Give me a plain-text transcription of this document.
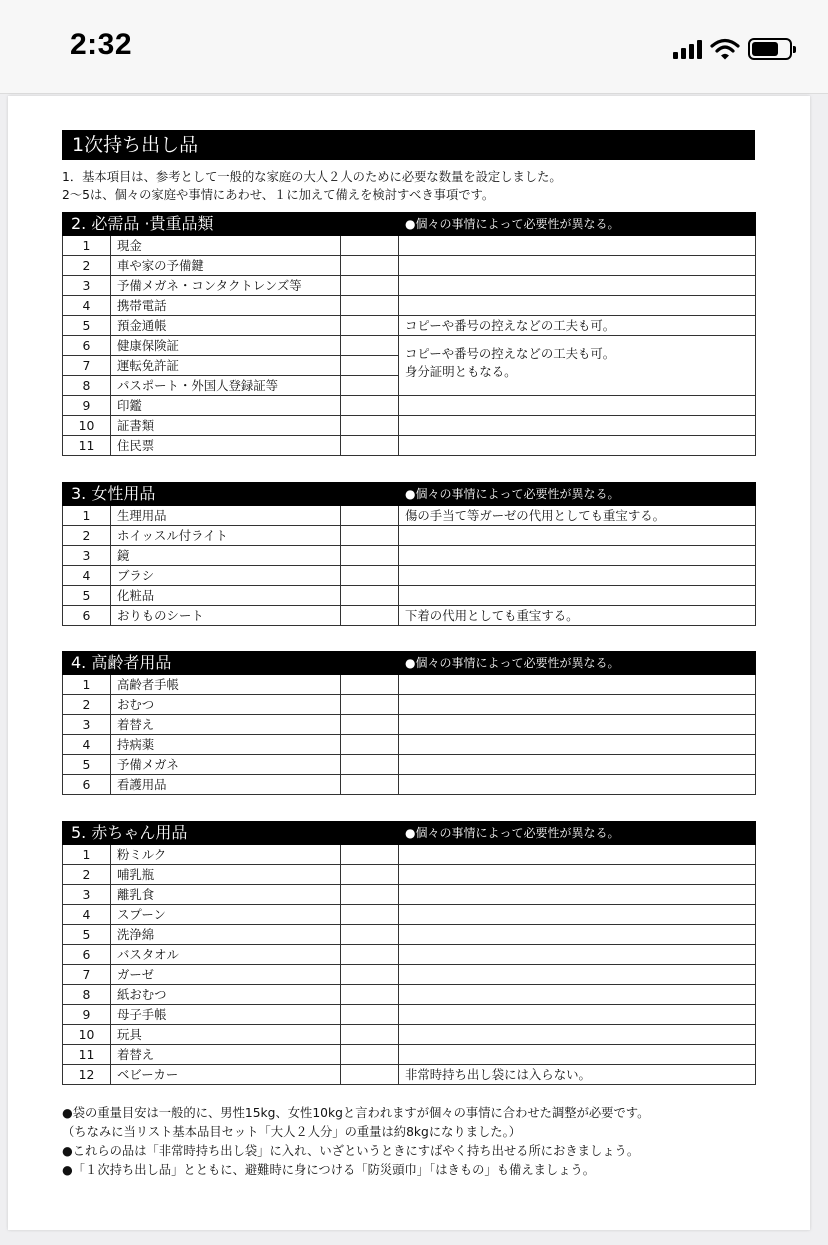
2:32
1次持ち出し品
1．基本項目は、参考として一般的な家庭の大人２人のために必要な数量を設定しました。
2～5は、個々の家庭や事情にあわせ、１に加えて備えを検討すべき事項です。
2. 必需品 ·貴重品類			●個々の事情によって必要性が異なる。
1	現金		
2	車や家の予備鍵		
3	予備メガネ・コンタクトレンズ等		
4	携帯電話		
5	預金通帳		コピーや番号の控えなどの工夫も可。

6	健康保険証		コピーや番号の控えなどの工夫も可。
身分証明ともなる。

7	運転免許証		
8	パスポート・外国人登録証等		
9	印鑑		
10	証書類		
11	住民票		
3. 女性用品			●個々の事情によって必要性が異なる。
1	生理用品		傷の手当て等ガーゼの代用としても重宝する。

2	ホイッスル付ライト		
3	鏡		
4	ブラシ		
5	化粧品		
6	おりものシート		下着の代用としても重宝する。
4. 高齢者用品			●個々の事情によって必要性が異なる。
1	高齢者手帳		
2	おむつ		
3	着替え		
4	持病薬		
5	予備メガネ		
6	看護用品		
5. 赤ちゃん用品			●個々の事情によって必要性が異なる。
1	粉ミルク		
2	哺乳瓶		
3	離乳食		
4	スプーン		
5	洗浄綿		
6	バスタオル		
7	ガーゼ		
8	紙おむつ		
9	母子手帳		
10	玩具		
11	着替え		
12	ベビーカー		非常時持ち出し袋には入らない。
●袋の重量目安は一般的に、男性15kg、女性10kgと言われますが個々の事情に合わせた調整が必要です。
（ちなみに当リスト基本品目セット「大人２人分」の重量は約8kgになりました。）
●これらの品は「非常時持ち出し袋」に入れ、いざというときにすばやく持ち出せる所におきましょう。
●「１次持ち出し品」とともに、避難時に身につける「防災頭巾」「はきもの」も備えましょう。
